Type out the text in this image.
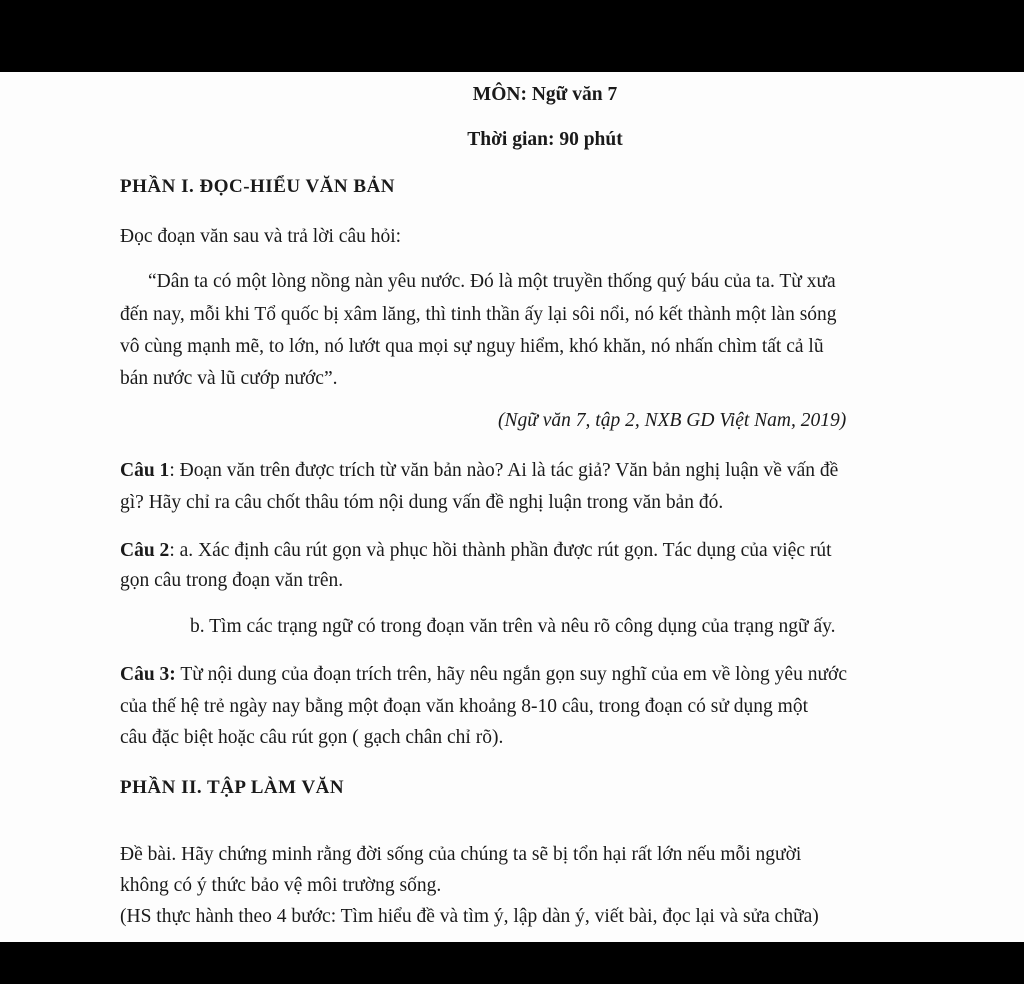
MÔN: Ngữ văn 7
Thời gian: 90 phút
PHẦN I. ĐỌC-HIỂU VĂN BẢN
Đọc đoạn văn sau và trả lời câu hỏi:
“Dân ta có một lòng nồng nàn yêu nước. Đó là một truyền thống quý báu của ta. Từ xưa
đến nay, mỗi khi Tổ quốc bị xâm lăng, thì tinh thần ấy lại sôi nổi, nó kết thành một làn sóng
vô cùng mạnh mẽ, to lớn, nó lướt qua mọi sự nguy hiểm, khó khăn, nó nhấn chìm tất cả lũ
bán nước và lũ cướp nước”.
(Ngữ văn 7, tập 2, NXB GD Việt Nam, 2019)
Câu 1: Đoạn văn trên được trích từ văn bản nào? Ai là tác giả? Văn bản nghị luận về vấn đề
gì? Hãy chỉ ra câu chốt thâu tóm nội dung vấn đề nghị luận trong văn bản đó.
Câu 2: a. Xác định câu rút gọn và phục hồi thành phần được rút gọn. Tác dụng của việc rút
gọn câu trong đoạn văn trên.
b. Tìm các trạng ngữ có trong đoạn văn trên và nêu rõ công dụng của trạng ngữ ấy.
Câu 3: Từ nội dung của đoạn trích trên, hãy nêu ngắn gọn suy nghĩ của em về lòng yêu nước
của thế hệ trẻ ngày nay bằng một đoạn văn khoảng 8-10 câu, trong đoạn có sử dụng một
câu đặc biệt hoặc câu rút gọn ( gạch chân chỉ rõ).
PHẦN II. TẬP LÀM VĂN
Đề bài. Hãy chứng minh rằng đời sống của chúng ta sẽ bị tổn hại rất lớn nếu mỗi người
không có ý thức bảo vệ môi trường sống.
(HS thực hành theo 4 bước: Tìm hiểu đề và tìm ý, lập dàn ý, viết bài, đọc lại và sửa chữa)
